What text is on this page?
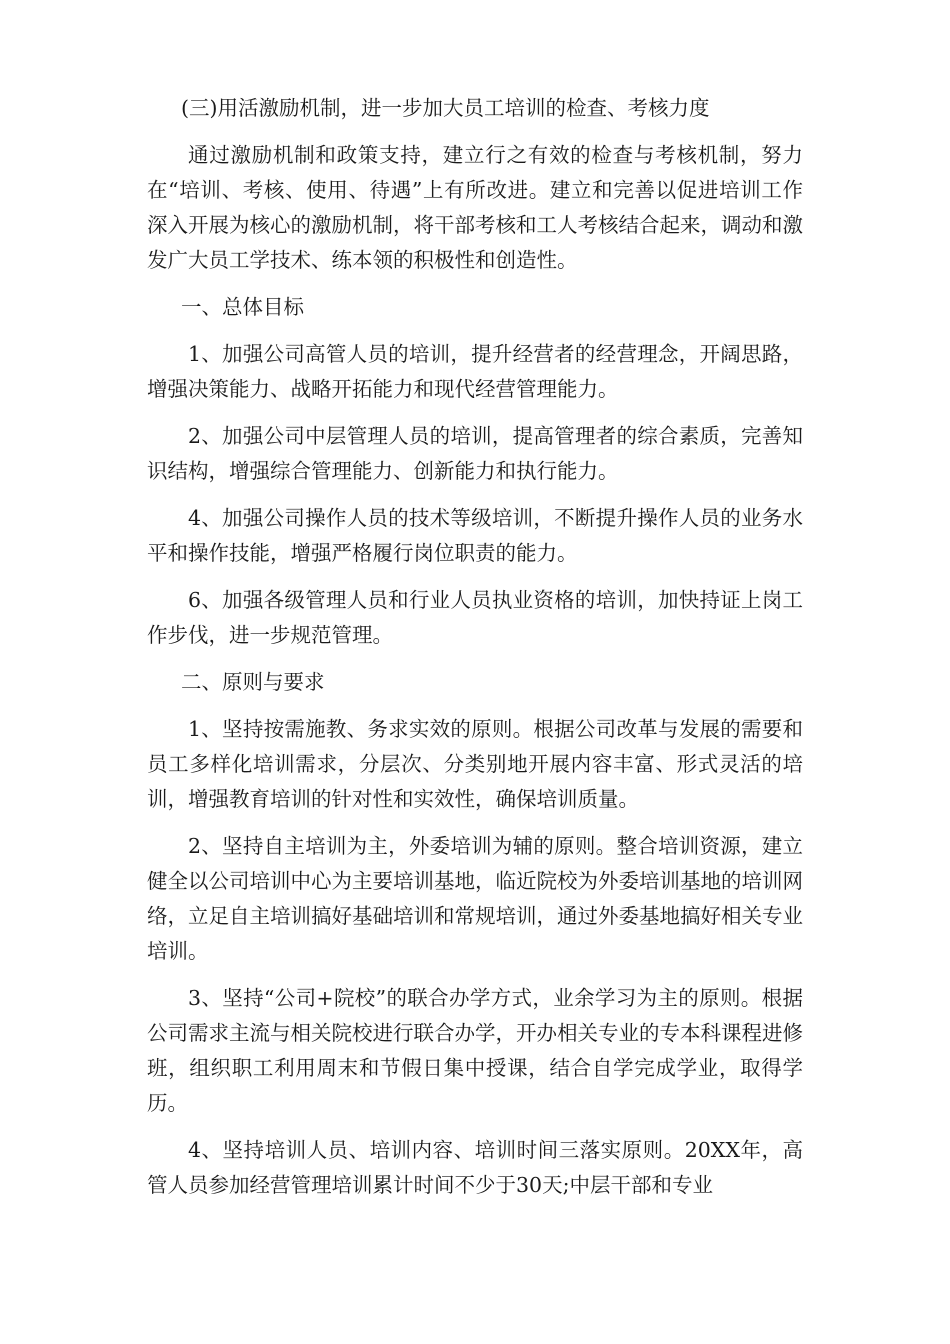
(三)用活激励机制，进一步加大员工培训的检查、考核力度

通过激励机制和政策支持，建立行之有效的检查与考核机制，努力在“培训、考核、使用、待遇”上有所改进。建立和完善以促进培训工作深入开展为核心的激励机制，将干部考核和工人考核结合起来，调动和激发广大员工学技术、练本领的积极性和创造性。

一、总体目标

1、加强公司高管人员的培训，提升经营者的经营理念，开阔思路，增强决策能力、战略开拓能力和现代经营管理能力。

2、加强公司中层管理人员的培训，提高管理者的综合素质，完善知识结构，增强综合管理能力、创新能力和执行能力。

4、加强公司操作人员的技术等级培训，不断提升操作人员的业务水平和操作技能，增强严格履行岗位职责的能力。

6、加强各级管理人员和行业人员执业资格的培训，加快持证上岗工作步伐，进一步规范管理。

二、原则与要求

1、坚持按需施教、务求实效的原则。根据公司改革与发展的需要和员工多样化培训需求，分层次、分类别地开展内容丰富、形式灵活的培训，增强教育培训的针对性和实效性，确保培训质量。

2、坚持自主培训为主，外委培训为辅的原则。整合培训资源，建立健全以公司培训中心为主要培训基地，临近院校为外委培训基地的培训网络，立足自主培训搞好基础培训和常规培训，通过外委基地搞好相关专业培训。

3、坚持“公司+院校”的联合办学方式，业余学习为主的原则。根据公司需求主流与相关院校进行联合办学，开办相关专业的专本科课程进修班，组织职工利用周末和节假日集中授课，结合自学完成学业，取得学历。

4、坚持培训人员、培训内容、培训时间三落实原则。20XX年，高管人员参加经营管理培训累计时间不少于30天;中层干部和专业
